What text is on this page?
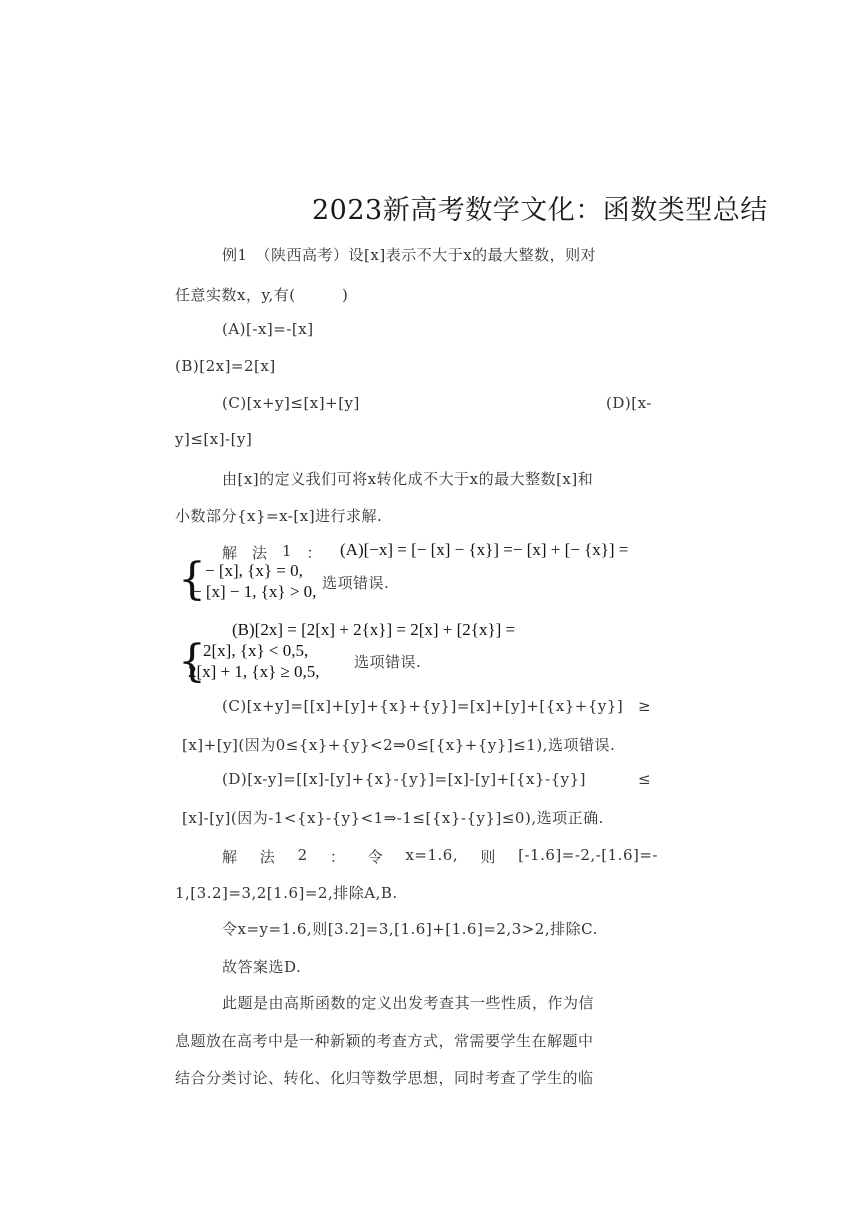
2023新高考数学文化：函数类型总结
例1　（陕西高考）设[x]表示不大于x的最大整数，则对
任意实数x，y,有(　　　)
(A)[-x]=-[x]
(B)[2x]=2[x]
(C)[x+y]≤[x]+[y]	(D)[x-
y]≤[x]-[y]
由[x]的定义我们可将x转化成不大于x的最大整数[x]和
小数部分{x}=x-[x]进行求解.
解 法 1 ： (A)[−x] = [− [x] − {x}] =− [x] + [− {x}] =
{ − [x], {x} = 0,
− [x] − 1, {x} > 0, 选项错误.
(B)[2x] = [2[x] + 2{x}] = 2[x] + [2{x}] =
{
2[x], {x} < 0,5,
2[x] + 1, {x} ≥ 0,5, 选项错误.
(C)[x+y]=[[x]+[y]+{x}+{y}]=[x]+[y]+[{x}+{y}] ≥
[x]+[y](因为0≤{x}+{y}<2⇒0≤[{x}+{y}]≤1),选项错误.
(D)[x-y]=[[x]-[y]+{x}-{y}]=[x]-[y]+[{x}-{y}]	≤
[x]-[y](因为-1<{x}-{y}<1⇒-1≤[{x}-{y}]≤0),选项正确.
解 法 2 ： 令 x=1.6, 则 [-1.6]=-2,-[1.6]=-
1,[3.2]=3,2[1.6]=2,排除A,B.
令x=y=1.6,则[3.2]=3,[1.6]+[1.6]=2,3>2,排除C.
故答案选D.
此题是由高斯函数的定义出发考查其一些性质，作为信
息题放在高考中是一种新颖的考查方式，常需要学生在解题中
结合分类讨论、转化、化归等数学思想，同时考查了学生的临
